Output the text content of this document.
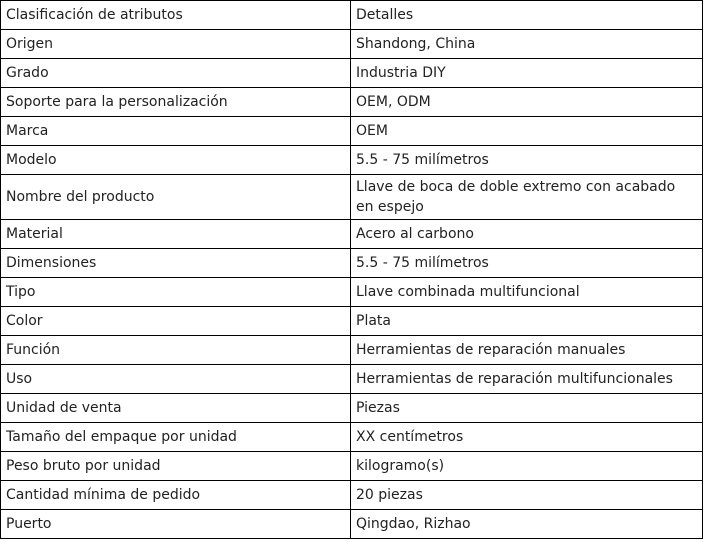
Clasificación de atributos	Detalles
Origen	Shandong, China
Grado	Industria DIY
Soporte para la personalización	OEM, ODM
Marca	OEM
Modelo	5.5 - 75 milímetros
Nombre del producto	Llave de boca de doble extremo con acabado en espejo
Material	Acero al carbono
Dimensiones	5.5 - 75 milímetros
Tipo	Llave combinada multifuncional
Color	Plata
Función	Herramientas de reparación manuales
Uso	Herramientas de reparación multifuncionales
Unidad de venta	Piezas
Tamaño del empaque por unidad	XX centímetros
Peso bruto por unidad	kilogramo(s)
Cantidad mínima de pedido	20 piezas
Puerto	Qingdao, Rizhao
